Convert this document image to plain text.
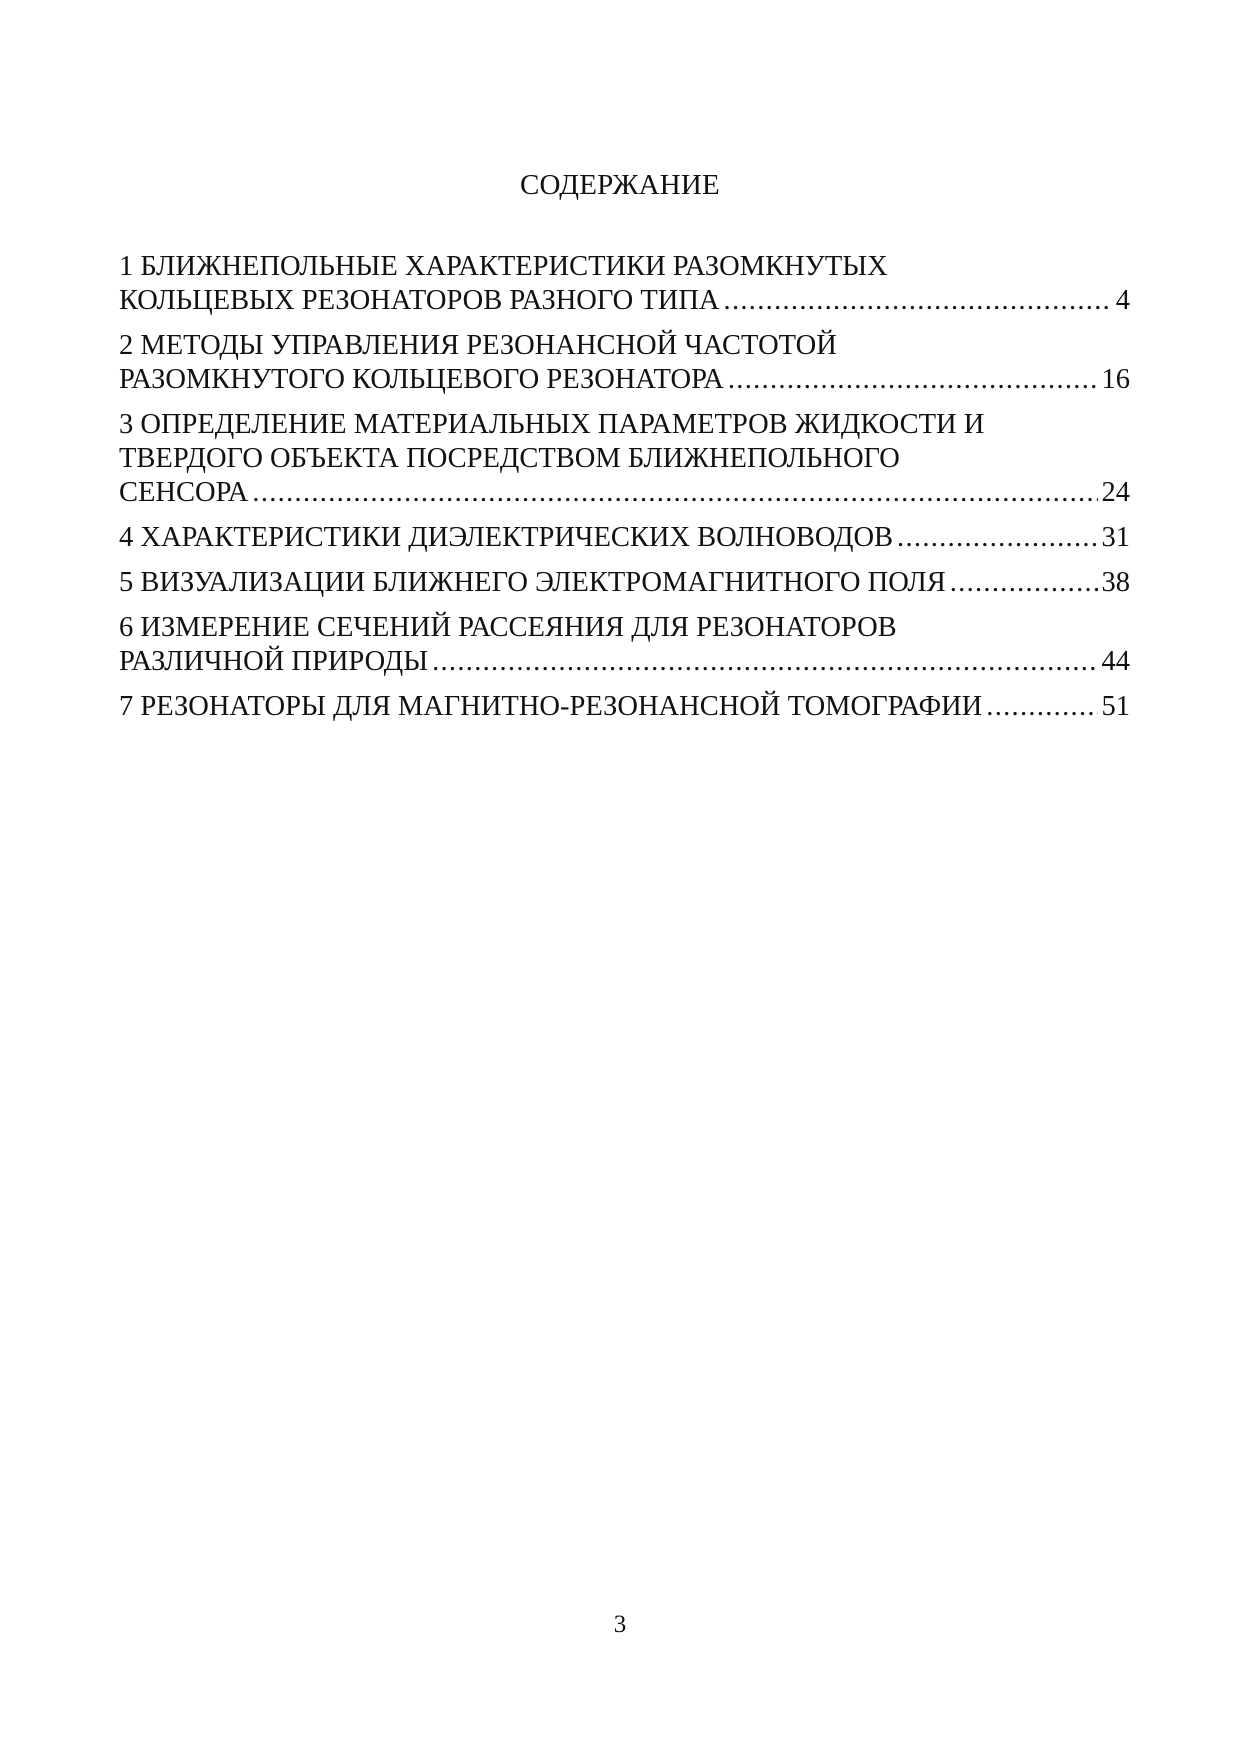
СОДЕРЖАНИЕ
1 БЛИЖНЕПОЛЬНЫЕ ХАРАКТЕРИСТИКИ РАЗОМКНУТЫХ
КОЛЬЦЕВЫХ РЕЗОНАТОРОВ РАЗНОГО ТИПА .....	4
2 МЕТОДЫ УПРАВЛЕНИЯ РЕЗОНАНСНОЙ ЧАСТОТОЙ
РАЗОМКНУТОГО КОЛЬЦЕВОГО РЕЗОНАТОРА .....	16
3 ОПРЕДЕЛЕНИЕ МАТЕРИАЛЬНЫХ ПАРАМЕТРОВ ЖИДКОСТИ И
ТВЕРДОГО ОБЪЕКТА ПОСРЕДСТВОМ БЛИЖНЕПОЛЬНОГО
СЕНСОРА .....	24
4 ХАРАКТЕРИСТИКИ ДИЭЛЕКТРИЧЕСКИХ ВОЛНОВОДОВ .....	31
5 ВИЗУАЛИЗАЦИИ БЛИЖНЕГО ЭЛЕКТРОМАГНИТНОГО ПОЛЯ .....	38
6 ИЗМЕРЕНИЕ СЕЧЕНИЙ РАССЕЯНИЯ ДЛЯ РЕЗОНАТОРОВ
РАЗЛИЧНОЙ ПРИРОДЫ .....	44
7 РЕЗОНАТОРЫ ДЛЯ МАГНИТНО-РЕЗОНАНСНОЙ ТОМОГРАФИИ .....	51
3
